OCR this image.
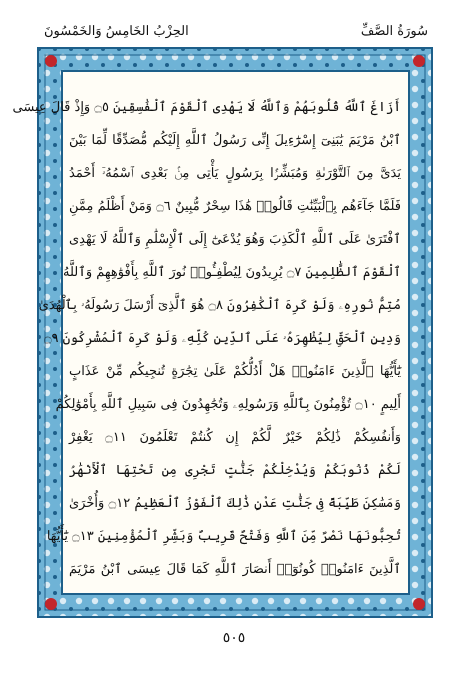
الحِزْبُ الخَامِسُ وَالخَمْسُونَ	سُورَةُ الصَّفِّ
أَزَاغَ ٱللَّهُ قُلُوبَهُمْ وَٱللَّهُ لَا يَهْدِى ٱلْقَوْمَ ٱلْفَٰسِقِينَ ۝٥ وَإِذْ قَالَ عِيسَى
ٱبْنُ مَرْيَمَ يَٰبَنِىٓ إِسْرَٰٓءِيلَ إِنِّى رَسُولُ ٱللَّهِ إِلَيْكُم مُّصَدِّقًا لِّمَا بَيْنَ
يَدَىَّ مِنَ ٱلتَّوْرَىٰةِ وَمُبَشِّرًۢا بِرَسُولٍ يَأْتِى مِنۢ بَعْدِى ٱسْمُهُۥٓ أَحْمَدُ
فَلَمَّا جَآءَهُم بِٱلْبَيِّنَٰتِ قَالُوا۟ هَٰذَا سِحْرٌ مُّبِينٌ ۝٦ وَمَنْ أَظْلَمُ مِمَّنِ
ٱفْتَرَىٰ عَلَى ٱللَّهِ ٱلْكَذِبَ وَهُوَ يُدْعَىٰٓ إِلَى ٱلْإِسْلَٰمِ وَٱللَّهُ لَا يَهْدِى
ٱلْقَوْمَ ٱلظَّٰلِمِينَ ۝٧ يُرِيدُونَ لِيُطْفِـُٔوا۟ نُورَ ٱللَّهِ بِأَفْوَٰهِهِمْ وَٱللَّهُ
مُتِمُّ نُورِهِۦ وَلَوْ كَرِهَ ٱلْكَٰفِرُونَ ۝٨ هُوَ ٱلَّذِىٓ أَرْسَلَ رَسُولَهُۥ بِٱلْهُدَىٰ
وَدِينِ ٱلْحَقِّ لِيُظْهِرَهُۥ عَلَى ٱلدِّينِ كُلِّهِۦ وَلَوْ كَرِهَ ٱلْمُشْرِكُونَ ۝٩
يَٰٓأَيُّهَا ٱلَّذِينَ ءَامَنُوا۟ هَلْ أَدُلُّكُمْ عَلَىٰ تِجَٰرَةٍ تُنجِيكُم مِّنْ عَذَابٍ
أَلِيمٍ ۝١٠ تُؤْمِنُونَ بِٱللَّهِ وَرَسُولِهِۦ وَتُجَٰهِدُونَ فِى سَبِيلِ ٱللَّهِ بِأَمْوَٰلِكُمْ
وَأَنفُسِكُمْ ذَٰلِكُمْ خَيْرٌ لَّكُمْ إِن كُنتُمْ تَعْلَمُونَ ۝١١ يَغْفِرْ
لَكُمْ ذُنُوبَكُمْ وَيُدْخِلْكُمْ جَنَّٰتٍ تَجْرِى مِن تَحْتِهَا ٱلْأَنْهَٰرُ
وَمَسَٰكِنَ طَيِّبَةً فِى جَنَّٰتِ عَدْنٍ ذَٰلِكَ ٱلْفَوْزُ ٱلْعَظِيمُ ۝١٢ وَأُخْرَىٰ
تُحِبُّونَهَا نَصْرٌ مِّنَ ٱللَّهِ وَفَتْحٌ قَرِيبٌ وَبَشِّرِ ٱلْمُؤْمِنِينَ ۝١٣ يَٰٓأَيُّهَا
ٱلَّذِينَ ءَامَنُوا۟ كُونُوٓا۟ أَنصَارَ ٱللَّهِ كَمَا قَالَ عِيسَى ٱبْنُ مَرْيَمَ
٥٠٥
